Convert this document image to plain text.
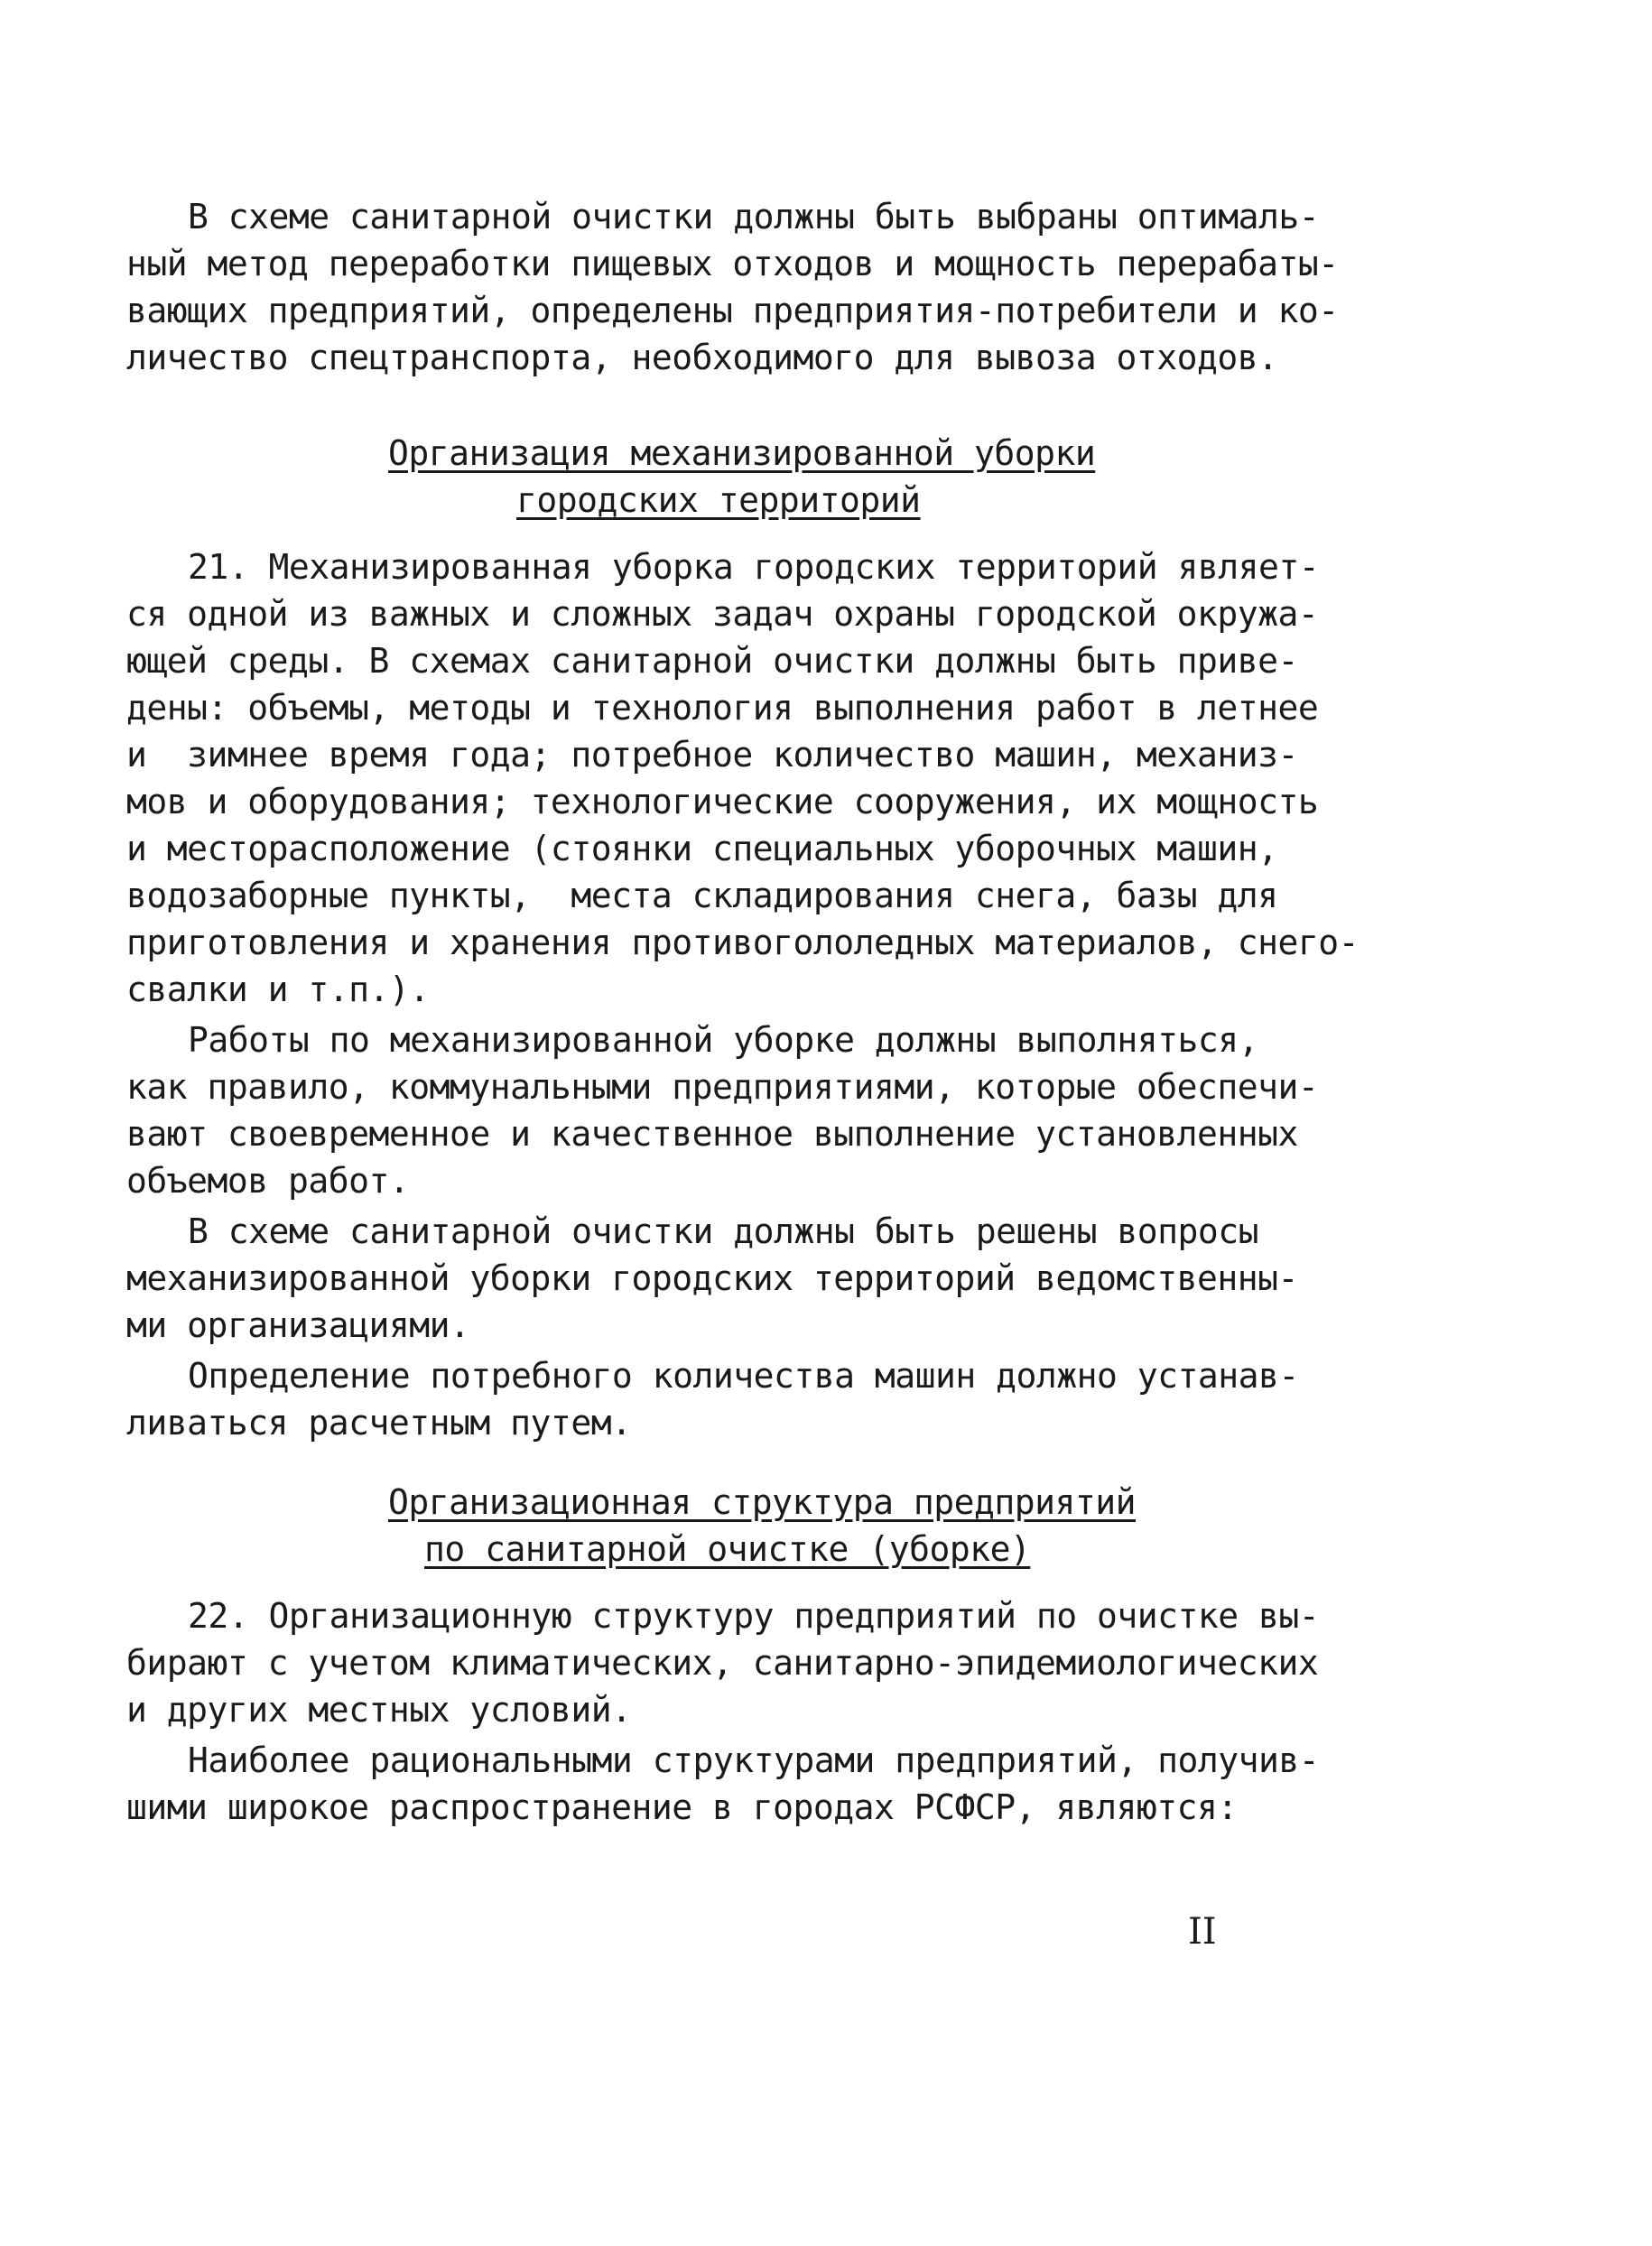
В схеме санитарной очистки должны быть выбраны оптималь-
ный метод переработки пищевых отходов и мощность перерабаты-
вающих предприятий, определены предприятия-потребители и ко-
личество спецтранспорта, необходимого для вывоза отходов.
Организация механизированной уборки
городских территорий
21. Механизированная уборка городских территорий являет-
ся одной из важных и сложных задач охраны городской окружа-
ющей среды. В схемах санитарной очистки должны быть приве-
дены: объемы, методы и технология выполнения работ в летнее
и  зимнее время года; потребное количество машин, механиз-
мов и оборудования; технологические сооружения, их мощность
и месторасположение (стоянки специальных уборочных машин,
водозаборные пункты,  места складирования снега, базы для
приготовления и хранения противогололедных материалов, снего-
свалки и т.п.).
Работы по механизированной уборке должны выполняться,
как правило, коммунальными предприятиями, которые обеспечи-
вают своевременное и качественное выполнение установленных
объемов работ.
В схеме санитарной очистки должны быть решены вопросы
механизированной уборки городских территорий ведомственны-
ми организациями.
Определение потребного количества машин должно устанав-
ливаться расчетным путем.
Организационная структура предприятий
по санитарной очистке (уборке)
22. Организационную структуру предприятий по очистке вы-
бирают с учетом климатических, санитарно-эпидемиологических
и других местных условий.
Наиболее рациональными структурами предприятий, получив-
шими широкое распространение в городах РСФСР, являются:
II
